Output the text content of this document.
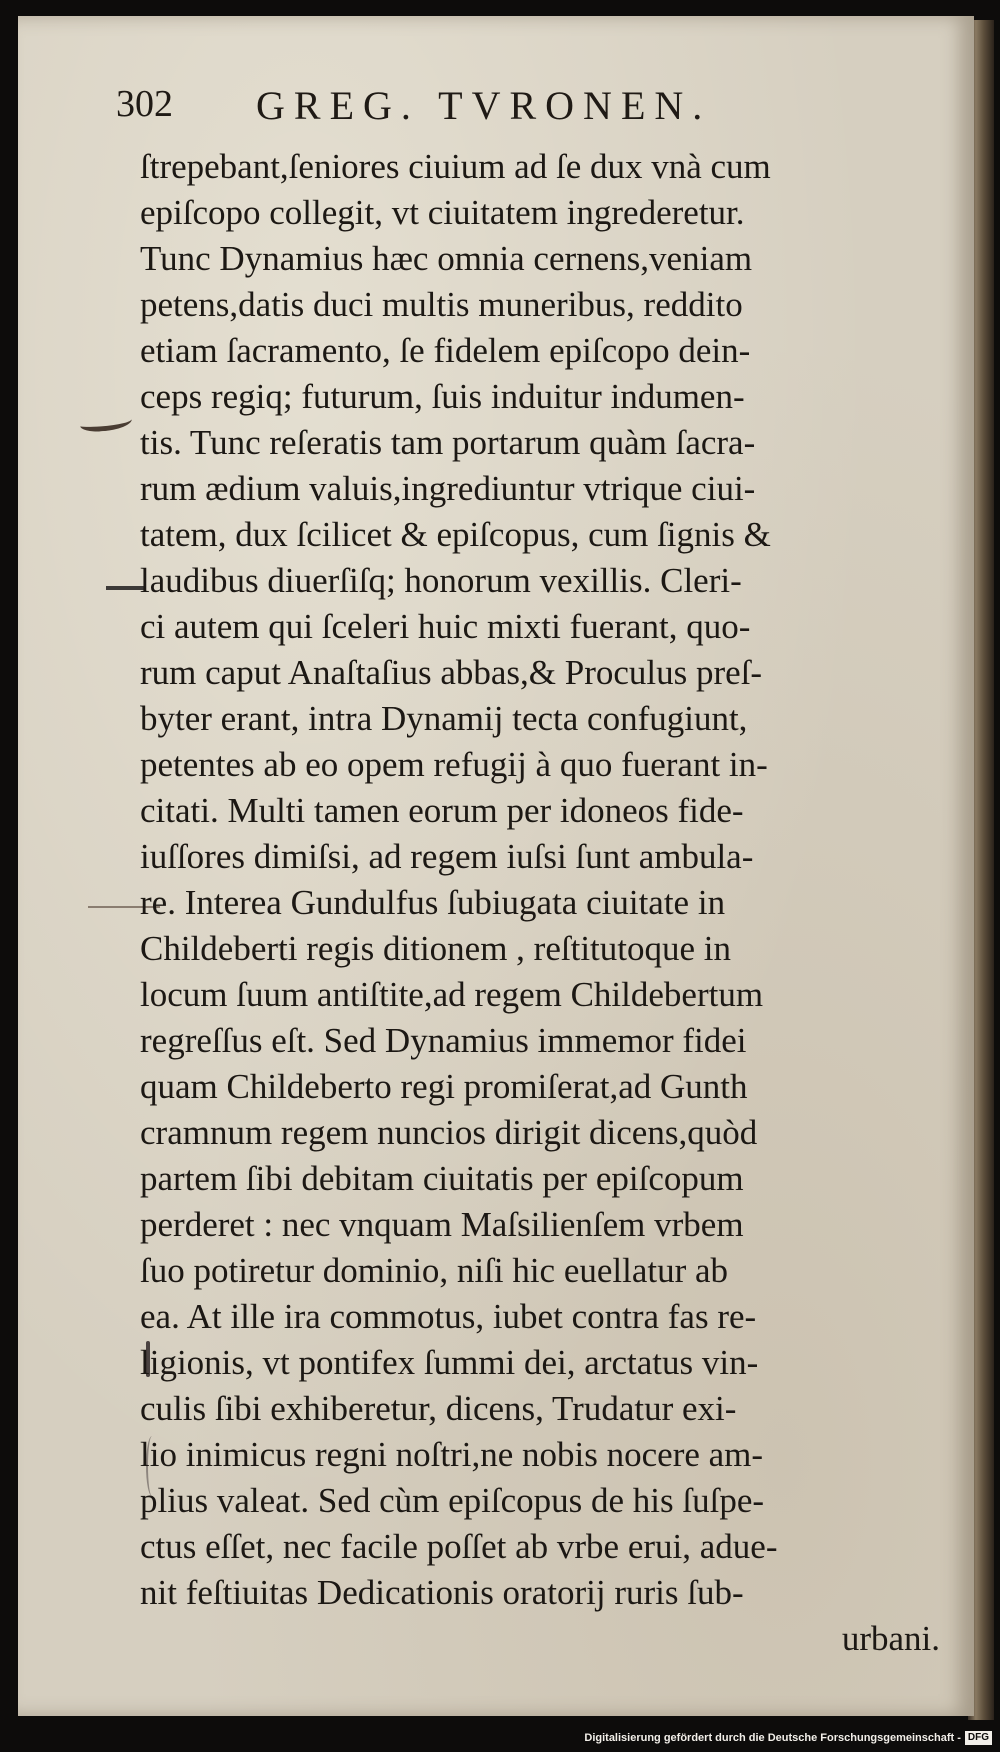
302 GREG. TVRONEN.
ſtrepebant,ſeniores ciuium ad ſe dux vnà cum
epiſcopo collegit, vt ciuitatem ingrederetur.
Tunc Dynamius hæc omnia cernens,veniam
petens,datis duci multis muneribus, reddito
etiam ſacramento, ſe fidelem epiſcopo dein-
ceps regiq; futurum, ſuis induitur indumen-
tis. Tunc reſeratis tam portarum quàm ſacra-
rum ædium valuis,ingrediuntur vtrique ciui-
tatem, dux ſcilicet & epiſcopus, cum ſignis &
laudibus diuerſiſq; honorum vexillis. Cleri-
ci autem qui ſceleri huic mixti fuerant, quo-
rum caput Anaſtaſius abbas,& Proculus preſ-
byter erant, intra Dynamij tecta confugiunt,
petentes ab eo opem refugij à quo fuerant in-
citati. Multi tamen eorum per idoneos fide-
iuſſores dimiſsi, ad regem iuſsi ſunt ambula-
re. Interea Gundulfus ſubiugata ciuitate in
Childeberti regis ditionem , reſtitutoque in
locum ſuum antiſtite,ad regem Childebertum
regreſſus eſt. Sed Dynamius immemor fidei
quam Childeberto regi promiſerat,ad Gunth
cramnum regem nuncios dirigit dicens,quòd
partem ſibi debitam ciuitatis per epiſcopum
perderet : nec vnquam Maſsilienſem vrbem
ſuo potiretur dominio, niſi hic euellatur ab
ea. At ille ira commotus, iubet contra fas re-
ligionis, vt pontifex ſummi dei, arctatus vin-
culis ſibi exhiberetur, dicens, Trudatur exi-
lio inimicus regni noſtri,ne nobis nocere am-
plius valeat. Sed cùm epiſcopus de his ſuſpe-
ctus eſſet, nec facile poſſet ab vrbe erui, adue-
nit feſtiuitas Dedicationis oratorij ruris ſub-
urbani.
Digitalisierung gefördert durch die Deutsche Forschungsgemeinschaft - DFG
